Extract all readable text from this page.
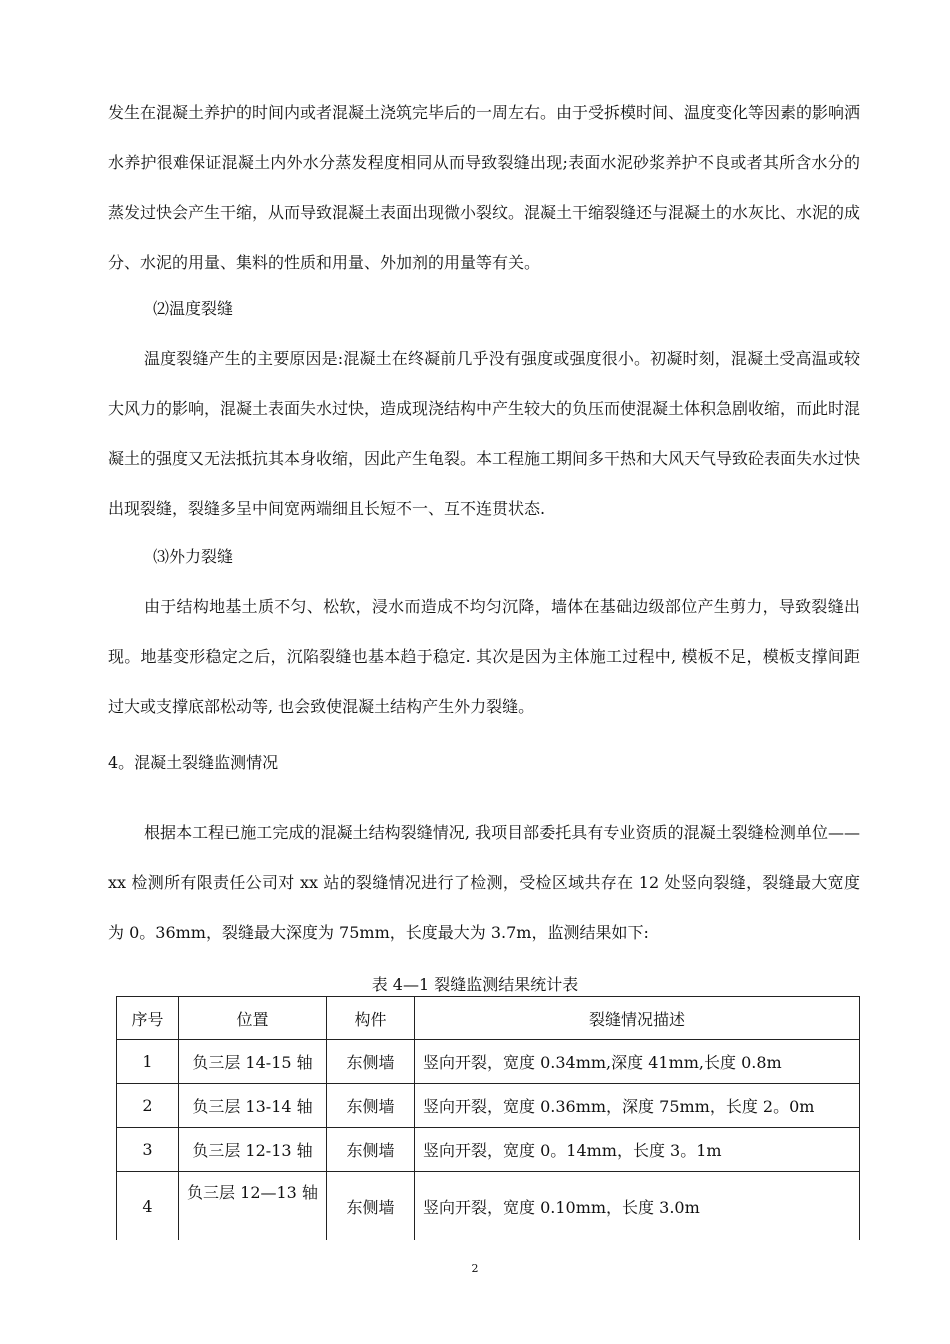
发生在混凝土养护的时间内或者混凝土浇筑完毕后的一周左右。由于受拆模时间、温度变化等因素的影响洒水养护很难保证混凝土内外水分蒸发程度相同从而导致裂缝出现;表面水泥砂浆养护不良或者其所含水分的蒸发过快会产生干缩，从而导致混凝土表面出现微小裂纹。混凝土干缩裂缝还与混凝土的水灰比、水泥的成分、水泥的用量、集料的性质和用量、外加剂的用量等有关。

⑵温度裂缝

温度裂缝产生的主要原因是:混凝土在终凝前几乎没有强度或强度很小。初凝时刻，混凝土受高温或较大风力的影响，混凝土表面失水过快，造成现浇结构中产生较大的负压而使混凝土体积急剧收缩，而此时混凝土的强度又无法抵抗其本身收缩，因此产生龟裂。本工程施工期间多干热和大风天气导致砼表面失水过快出现裂缝，裂缝多呈中间宽两端细且长短不一、互不连贯状态.

⑶外力裂缝

由于结构地基土质不匀、松软，浸水而造成不均匀沉降，墙体在基础边级部位产生剪力，导致裂缝出现。地基变形稳定之后，沉陷裂缝也基本趋于稳定. 其次是因为主体施工过程中, 模板不足，模板支撑间距过大或支撑底部松动等, 也会致使混凝土结构产生外力裂缝。

4。混凝土裂缝监测情况

根据本工程已施工完成的混凝土结构裂缝情况, 我项目部委托具有专业资质的混凝土裂缝检测单位——xx 检测所有限责任公司对 xx 站的裂缝情况进行了检测，受检区域共存在 12 处竖向裂缝，裂缝最大宽度为 0。36mm，裂缝最大深度为 75mm，长度最大为 3.7m，监测结果如下:

表 4—1 裂缝监测结果统计表
序号	位置	构件	裂缝情况描述
1	负三层 14-15 轴	东侧墙	竖向开裂，宽度 0.34mm,深度 41mm,长度 0.8m
2	负三层 13-14 轴	东侧墙	竖向开裂，宽度 0.36mm，深度 75mm，长度 2。0m
3	负三层 12-13 轴	东侧墙	竖向开裂，宽度 0。14mm，长度 3。1m
4	负三层 12—13 轴	东侧墙	竖向开裂，宽度 0.10mm，长度 3.0m
2
